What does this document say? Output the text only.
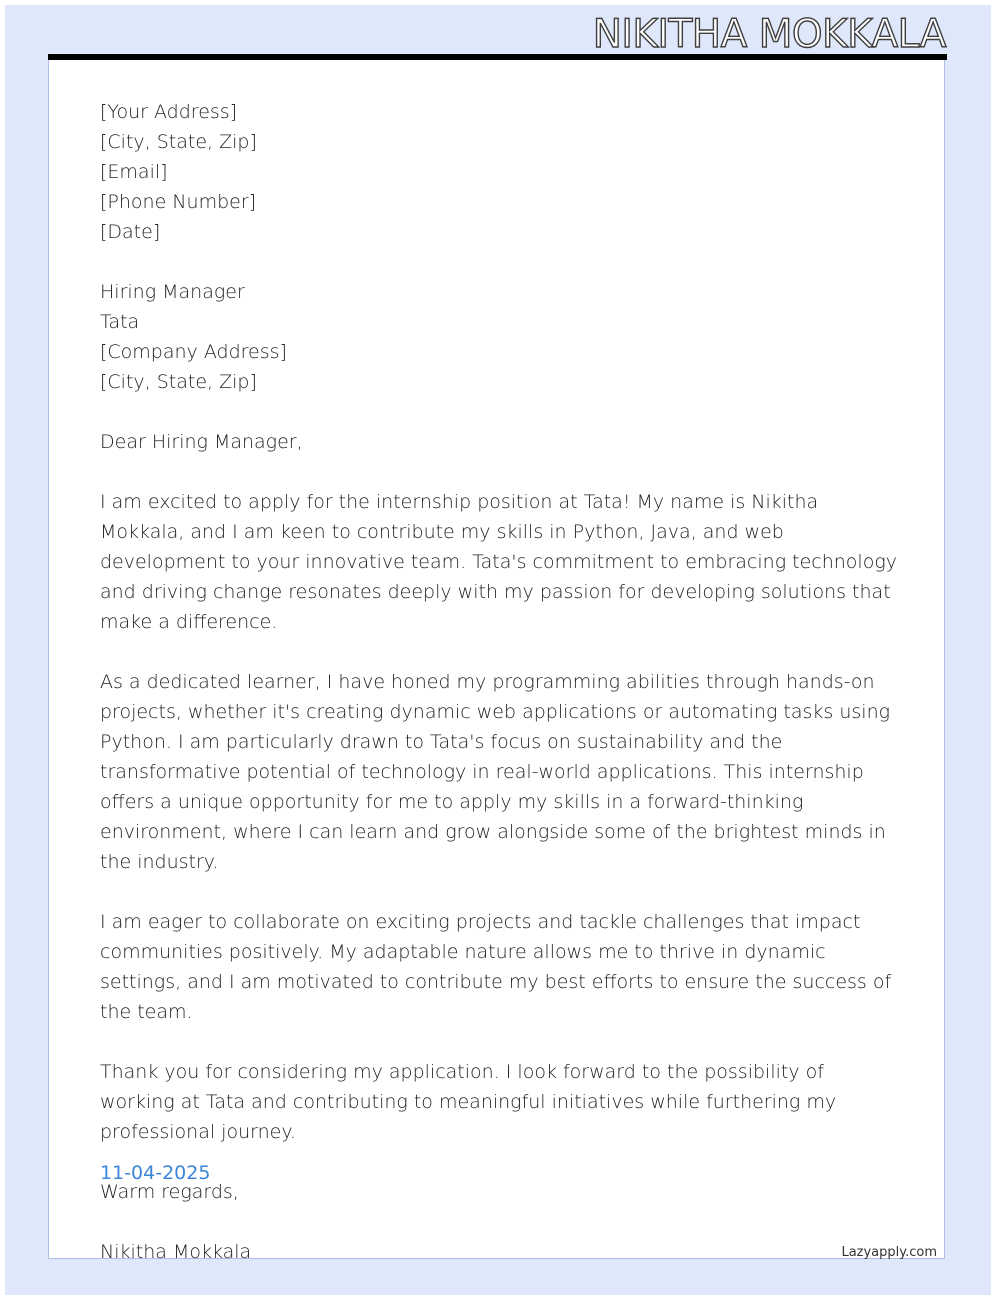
NIKITHA MOKKALA
[Your Address]
[City, State, Zip]
[Email]
[Phone Number]
[Date]
Hiring Manager
Tata
[Company Address]
[City, State, Zip]
Dear Hiring Manager,

I am excited to apply for the internship position at Tata! My name is Nikitha Mokkala, and I am keen to contribute my skills in Python, Java, and web development to your innovative team. Tata's commitment to embracing technology and driving change resonates deeply with my passion for developing solutions that make a difference.

As a dedicated learner, I have honed my programming abilities through hands-on projects, whether it's creating dynamic web applications or automating tasks using Python. I am particularly drawn to Tata's focus on sustainability and the transformative potential of technology in real-world applications. This internship offers a unique opportunity for me to apply my skills in a forward-thinking environment, where I can learn and grow alongside some of the brightest minds in the industry.

I am eager to collaborate on exciting projects and tackle challenges that impact communities positively. My adaptable nature allows me to thrive in dynamic settings, and I am motivated to contribute my best efforts to ensure the success of the team.

Thank you for considering my application. I look forward to the possibility of working at Tata and contributing to meaningful initiatives while furthering my professional journey.

Warm regards,
Nikitha Mokkala
11-04-2025
Lazyapply.com
